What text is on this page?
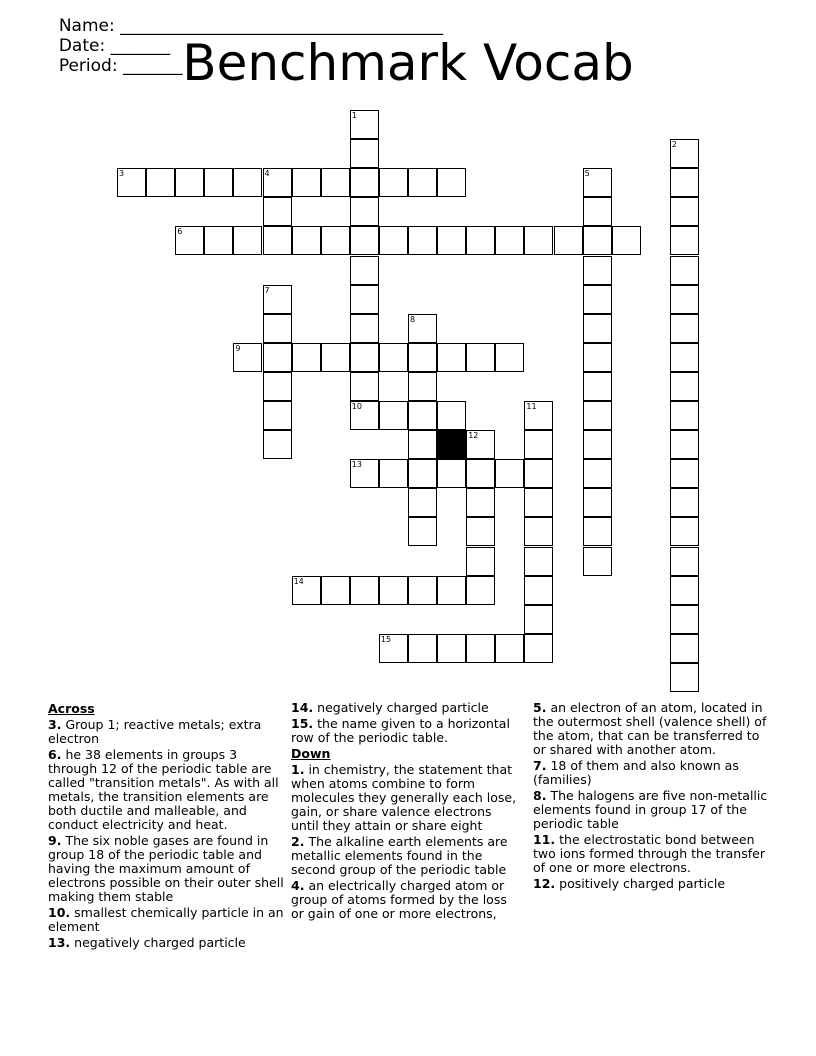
Name: ______________________________________
Date: _______
Period: _______ Benchmark Vocab
1
2
3	4	5
6
7
8
9
10	11
12
13
14
15
Across
3. Group 1; reactive metals; extra electron
6. he 38 elements in groups 3 through 12 of the periodic table are called "transition metals". As with all metals, the transition elements are both ductile and malleable, and conduct electricity and heat.
9. The six noble gases are found in group 18 of the periodic table and having the maximum amount of electrons possible on their outer shell making them stable
10. smallest chemically particle in an element
13. negatively charged particle
14. negatively charged particle
15. the name given to a horizontal row of the periodic table.
Down
1. in chemistry, the statement that when atoms combine to form molecules they generally each lose, gain, or share valence electrons until they attain or share eight
2. The alkaline earth elements are metallic elements found in the second group of the periodic table
4. an electrically charged atom or group of atoms formed by the loss or gain of one or more electrons,
5. an electron of an atom, located in the outermost shell (valence shell) of the atom, that can be transferred to or shared with another atom.
7. 18 of them and also known as (families)
8. The halogens are five non-metallic elements found in group 17 of the periodic table
11. the electrostatic bond between two ions formed through the transfer of one or more electrons.
12. positively charged particle
